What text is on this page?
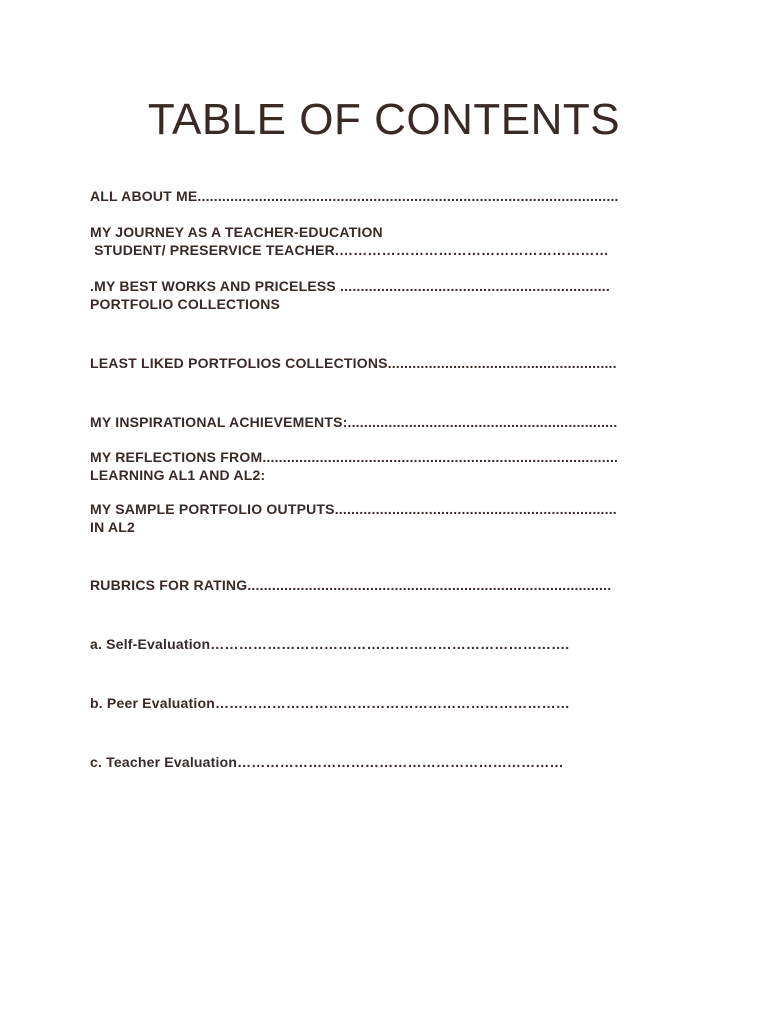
TABLE OF CONTENTS
ALL ABOUT ME.......................................................................................................
MY JOURNEY AS A TEACHER-EDUCATION
STUDENT/ PRESERVICE TEACHER.…………………………………………………
.MY BEST WORKS AND PRICELESS ..................................................................
PORTFOLIO COLLECTIONS
LEAST LIKED PORTFOLIOS COLLECTIONS........................................................
MY INSPIRATIONAL ACHIEVEMENTS:..................................................................
MY REFLECTIONS FROM.......................................................................................
LEARNING AL1 AND AL2:
MY SAMPLE PORTFOLIO OUTPUTS.....................................................................
IN AL2
RUBRICS FOR RATING.........................................................................................
a. Self-Evaluation………………………………………………………………….
b. Peer Evaluation…………………………………………………………………
c. Teacher Evaluation……………………………………………………………
